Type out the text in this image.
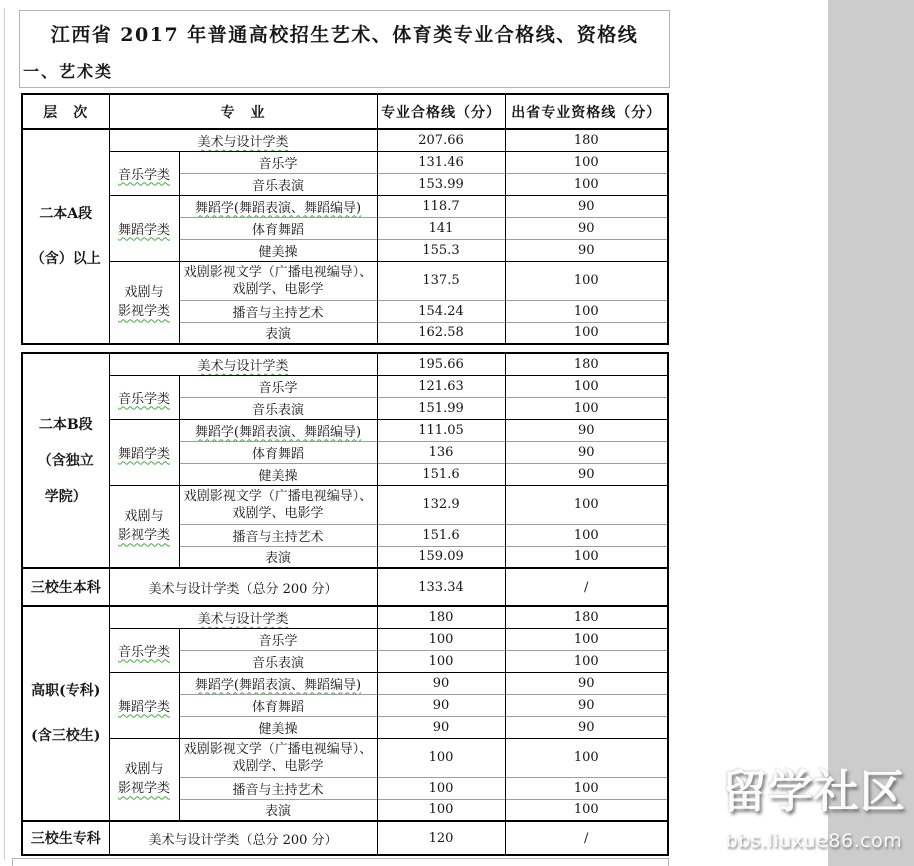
江西省 2017 年普通高校招生艺术、体育类专业合格线、资格线
一、艺术类
层　次	专　业		专业合格线（分）	出省专业资格线（分）

二本A段
（含）以上	美术与设计学类		207.66	180
	音乐学类	音乐学	131.46	100
		音乐表演	153.99	100
	舞蹈学类	舞蹈学(舞蹈表演、舞蹈编导)	118.7	90
		体育舞蹈	141	90
		健美操	155.3	90

	戏剧与
影视学类	戏剧影视文学（广播电视编导）、戏剧学、电影学	137.5	100
		播音与主持艺术	154.24	100
		表演	162.58	100
二本B段
（含独立
学院）	美术与设计学类		195.66	180
	音乐学类	音乐学	121.63	100
		音乐表演	151.99	100
	舞蹈学类	舞蹈学(舞蹈表演、舞蹈编导)	111.05	90
		体育舞蹈	136	90
		健美操	151.6	90

	戏剧与
影视学类	戏剧影视文学（广播电视编导）、戏剧学、电影学	132.9	100
		播音与主持艺术	151.6	100
		表演	159.09	100
三校生本科	美术与设计学类（总分 200 分）		133.34	/

高职(专科)
(含三校生)	美术与设计学类		180	180
	音乐学类	音乐学	100	100
		音乐表演	100	100
	舞蹈学类	舞蹈学(舞蹈表演、舞蹈编导)	90	90
		体育舞蹈	90	90
		健美操	90	90

	戏剧与
影视学类	戏剧影视文学（广播电视编导）、戏剧学、电影学	100	100
		播音与主持艺术	100	100
		表演	100	100
三校生专科	美术与设计学类（总分 200 分）		120	/
留学社区
bbs.liuxue86.com
